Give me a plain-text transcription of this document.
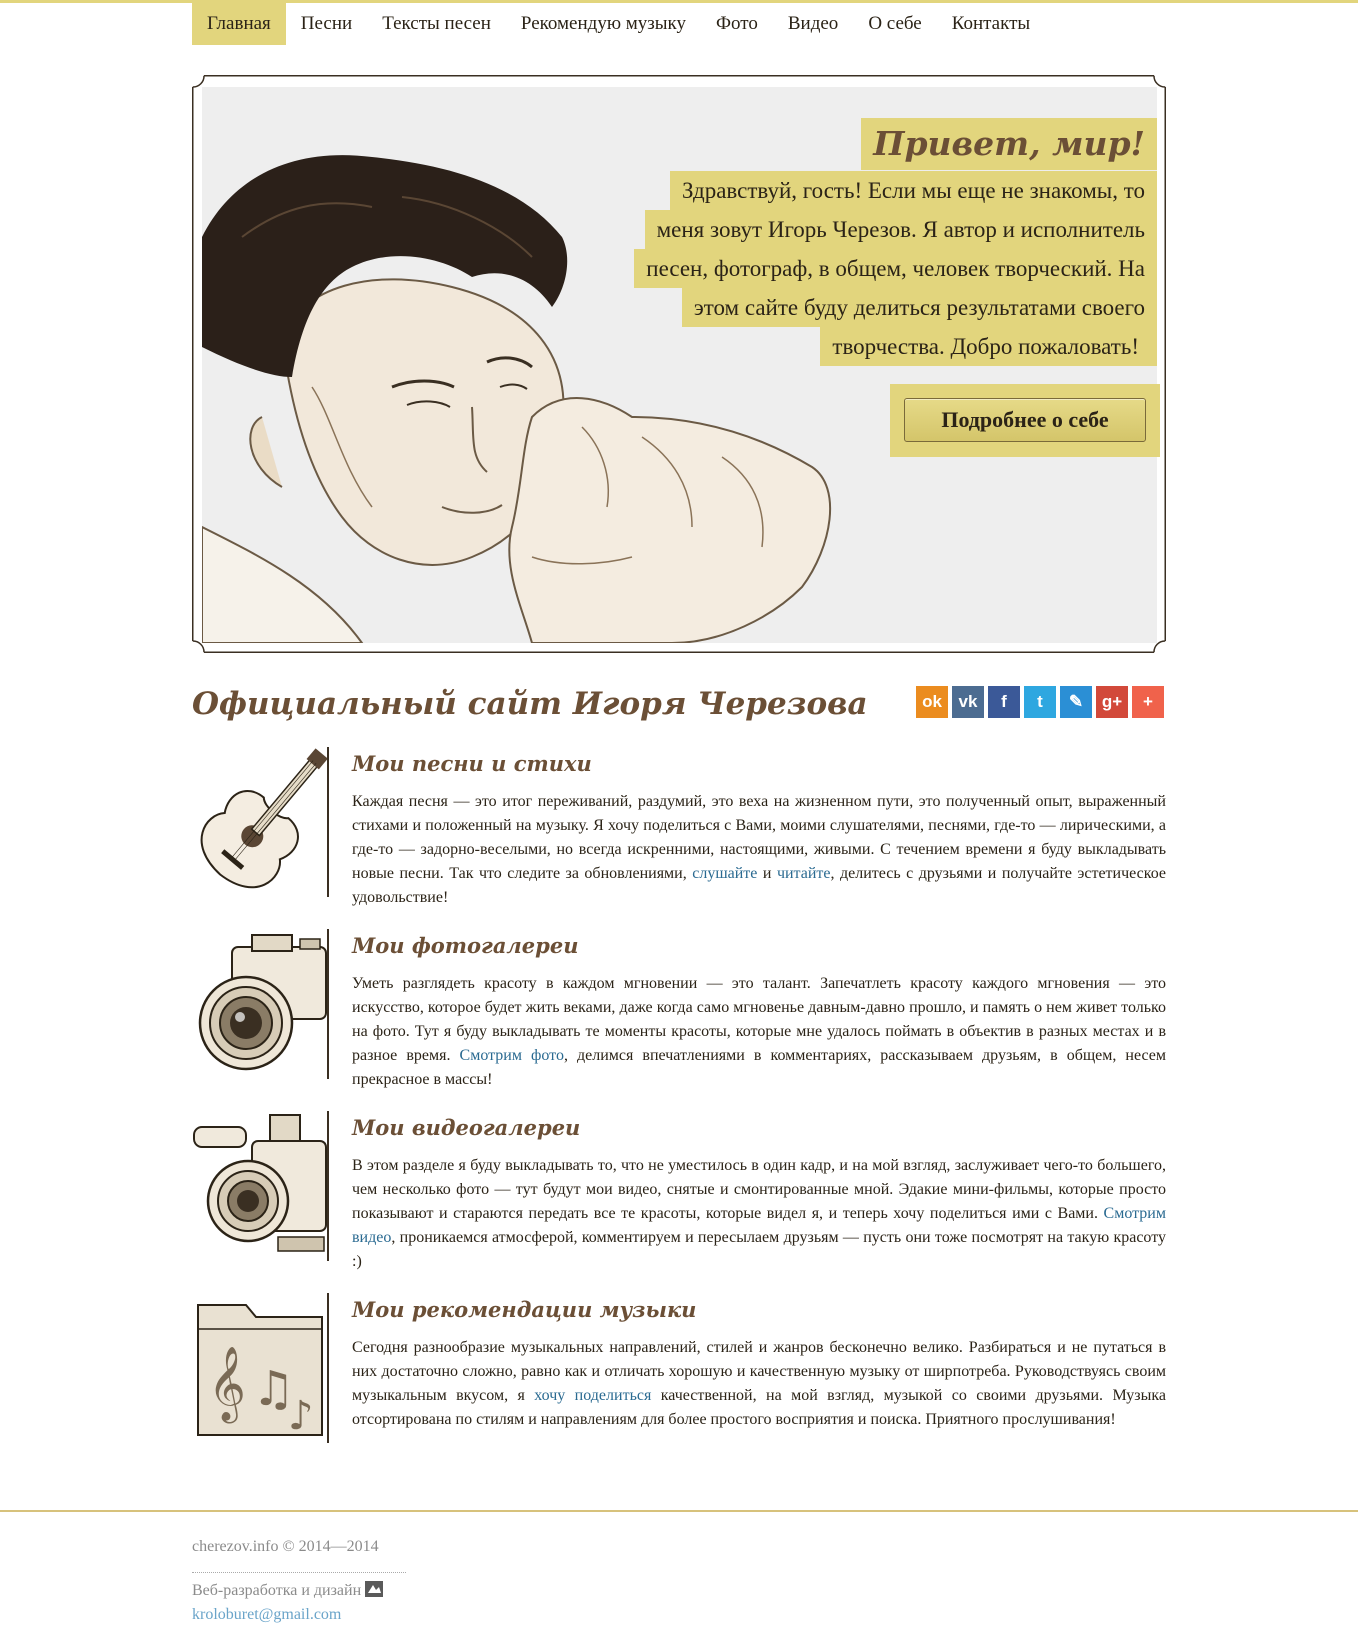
Главная	Песни	Тексты песен	Рекомендую музыку	Фото	Видео	О себе	Контакты
Привет, мир!
Здравствуй, гость! Если мы еще не знакомы, то
меня зовут Игорь Черезов. Я автор и исполнитель
песен, фотограф, в общем, человек творческий. На
этом сайте буду делиться результатами своего
творчества. Добро пожаловать!
Подробнее о себе
Официальный сайт Игоря Черезова	ok vk	f	t	✎	g+	+
Мои песни и стихи

Каждая песня — это итог переживаний, раздумий, это веха на жизненном пути, это полученный опыт, выраженный стихами и положенный на музыку. Я хочу поделиться с Вами, моими слушателями, песнями, где-то — лирическими, а где-то — задорно-веселыми, но всегда искренними, настоящими, живыми. С течением времени я буду выкладывать новые песни. Так что следите за обновлениями, слушайте и читайте, делитесь с друзьями и получайте эстетическое удовольствие!

Мои фотогалереи

Уметь разглядеть красоту в каждом мгновении — это талант. Запечатлеть красоту каждого мгновения — это искусство, которое будет жить веками, даже когда само мгновенье давным-давно прошло, и память о нем живет только на фото. Тут я буду выкладывать те моменты красоты, которые мне удалось поймать в объектив в разных местах и в разное время. Смотрим фото, делимся впечатлениями в комментариях, рассказываем друзьям, в общем, несем прекрасное в массы!

Мои видеогалереи

В этом разделе я буду выкладывать то, что не уместилось в один кадр, и на мой взгляд, заслуживает чего-то большего, чем несколько фото — тут будут мои видео, снятые и смонтированные мной. Эдакие мини-фильмы, которые просто показывают и стараются передать все те красоты, которые видел я, и теперь хочу поделиться ими с Вами. Смотрим видео, проникаемся атмосферой, комментируем и пересылаем друзьям — пусть они тоже посмотрят на такую красоту :)

𝄞 ♫
♪
Мои рекомендации музыки

Сегодня разнообразие музыкальных направлений, стилей и жанров бесконечно велико. Разбираться и не путаться в них достаточно сложно, равно как и отличать хорошую и качественную музыку от ширпотреба. Руководствуясь своим музыкальным вкусом, я хочу поделиться качественной, на мой взгляд, музыкой со своими друзьями. Музыка отсортирована по стилям и направлениям для более простого восприятия и поиска. Приятного прослушивания!

cherezov.info © 2014—2014
Веб-разработка и дизайн
kroloburet@gmail.com
